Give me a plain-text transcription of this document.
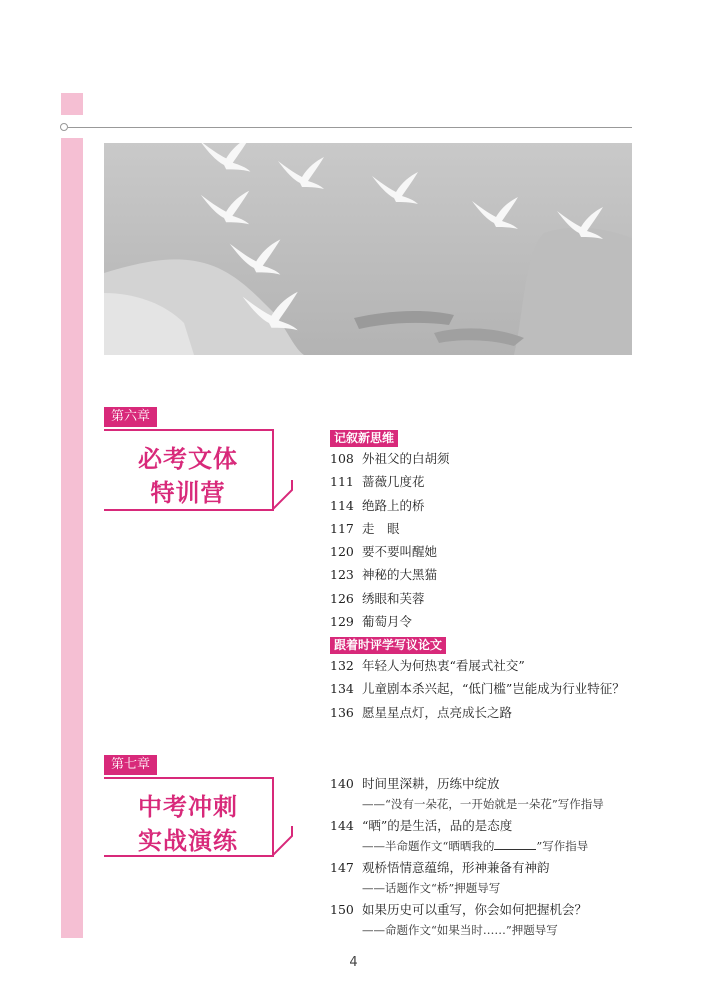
第六章
必考文体
特训营
记叙新思维
108 外祖父的白胡须
111 蔷薇几度花
114 绝路上的桥
117 走　眼
120 要不要叫醒她
123 神秘的大黑猫
126 绣眼和芙蓉
129 葡萄月令
跟着时评学写议论文
132 年轻人为何热衷“看展式社交”
134 儿童剧本杀兴起，“低门槛”岂能成为行业特征？
136 愿星星点灯，点亮成长之路
第七章
中考冲刺
实战演练
140 时间里深耕，历练中绽放
——“没有一朵花，一开始就是一朵花”写作指导
144 “晒”的是生活，品的是态度
——半命题作文“晒晒我的	”写作指导
147 观桥悟情意蕴绵，形神兼备有神韵
——话题作文“桥”押题导写
150 如果历史可以重写，你会如何把握机会？
——命题作文“如果当时……”押题导写
4
